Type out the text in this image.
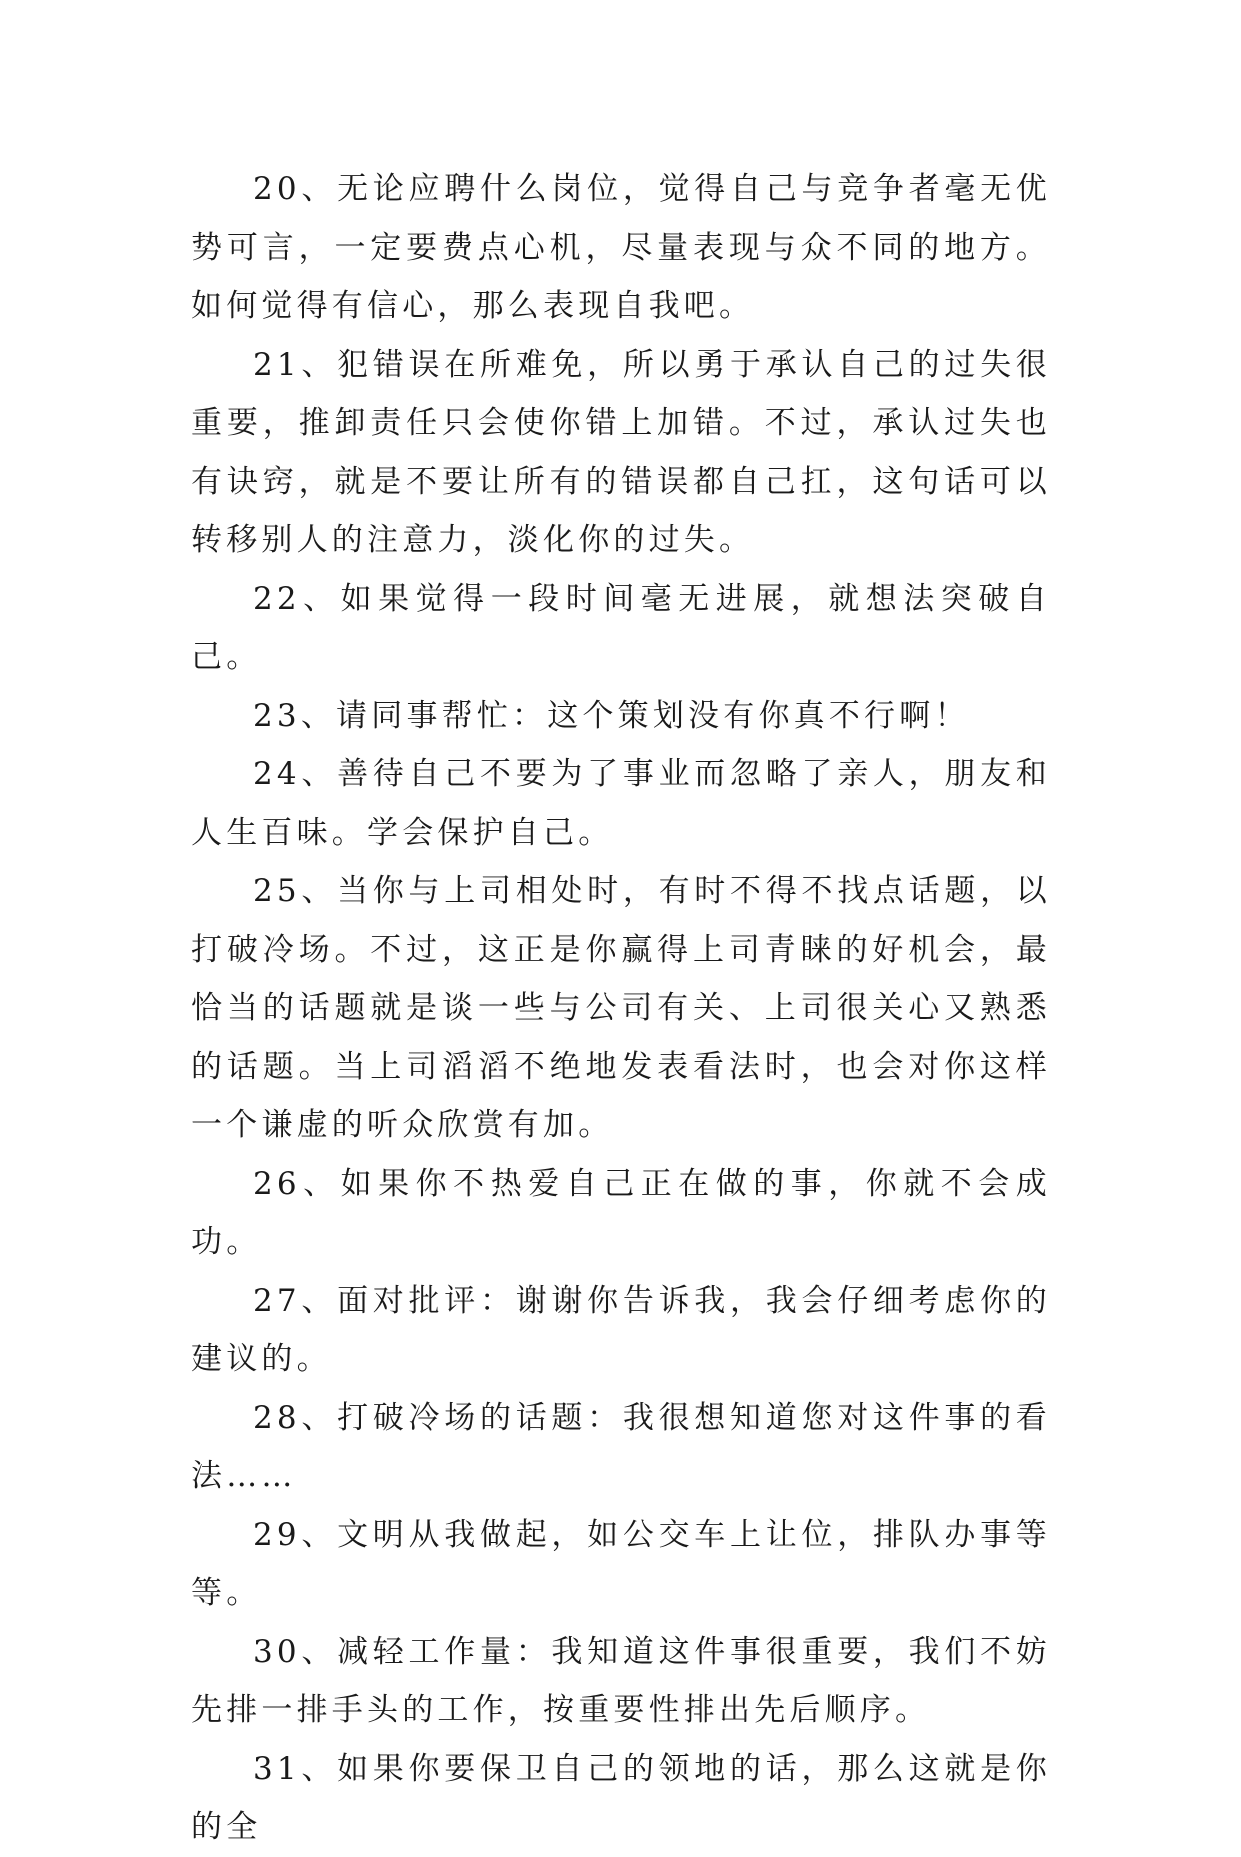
20、无论应聘什么岗位，觉得自己与竞争者毫无优势可言，一定要费点心机，尽量表现与众不同的地方。如何觉得有信心，那么表现自我吧。

21、犯错误在所难免，所以勇于承认自己的过失很重要，推卸责任只会使你错上加错。不过，承认过失也有诀窍，就是不要让所有的错误都自己扛，这句话可以转移别人的注意力，淡化你的过失。

22、如果觉得一段时间毫无进展，就想法突破自己。

23、请同事帮忙：这个策划没有你真不行啊！

24、善待自己不要为了事业而忽略了亲人，朋友和人生百味。学会保护自己。

25、当你与上司相处时，有时不得不找点话题，以打破冷场。不过，这正是你赢得上司青睐的好机会，最恰当的话题就是谈一些与公司有关、上司很关心又熟悉的话题。当上司滔滔不绝地发表看法时，也会对你这样一个谦虚的听众欣赏有加。

26、如果你不热爱自己正在做的事，你就不会成功。

27、面对批评：谢谢你告诉我，我会仔细考虑你的建议的。

28、打破冷场的话题：我很想知道您对这件事的看法……

29、文明从我做起，如公交车上让位，排队办事等等。

30、减轻工作量：我知道这件事很重要，我们不妨先排一排手头的工作，按重要性排出先后顺序。

31、如果你要保卫自己的领地的话，那么这就是你的全
